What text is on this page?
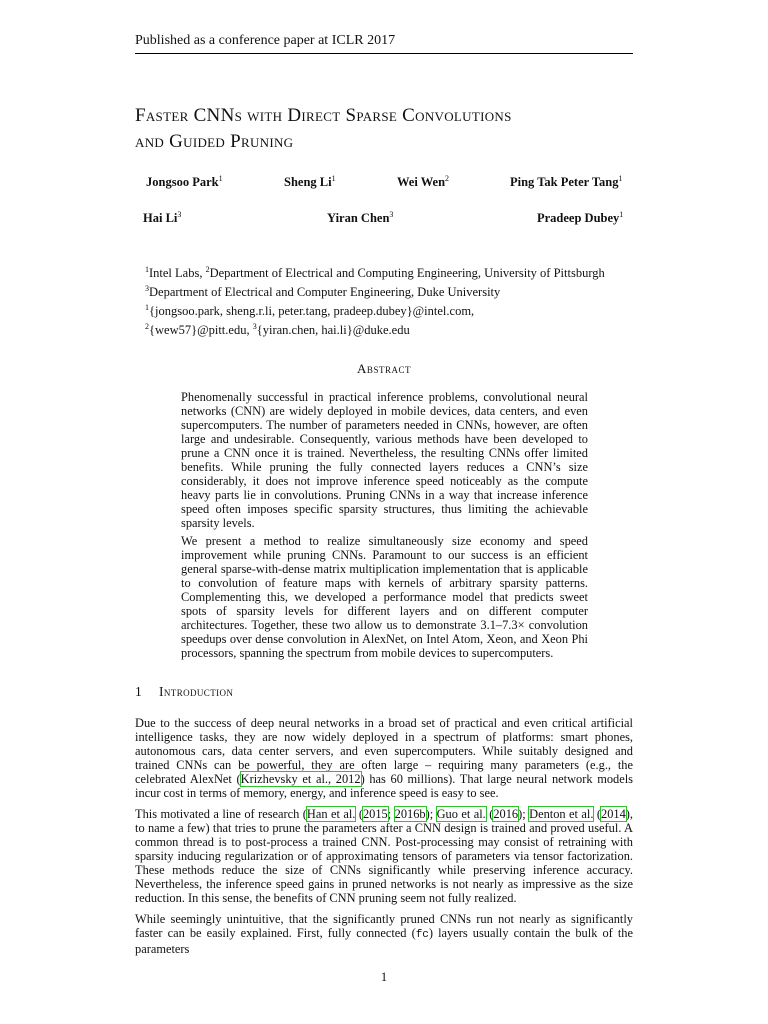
Published as a conference paper at ICLR 2017
Faster CNNs with Direct Sparse Convolutions
and Guided Pruning
Jongsoo Park$^1$	Sheng Li$^1$	Wei Wen$^2$	Ping Tak Peter Tang$^1$
Hai Li$^3$	Yiran Chen$^3$	Pradeep Dubey$^1$
$^1$Intel Labs, $^2$Department of Electrical and Computing Engineering, University of Pittsburgh
$^3$Department of Electrical and Computer Engineering, Duke University
$^1${jongsoo.park, sheng.r.li, peter.tang, pradeep.dubey}@intel.com,
$^2${wew57}@pitt.edu, $^3${yiran.chen, hai.li}@duke.edu
Abstract

Phenomenally successful in practical inference problems, convolutional neural networks (CNN) are widely deployed in mobile devices, data centers, and even supercomputers. The number of parameters needed in CNNs, however, are often large and undesirable. Consequently, various methods have been developed to prune a CNN once it is trained. Nevertheless, the resulting CNNs offer limited benefits. While pruning the fully connected layers reduces a CNN’s size considerably, it does not improve inference speed noticeably as the compute heavy parts lie in convolutions. Pruning CNNs in a way that increase inference speed often imposes specific sparsity structures, thus limiting the achievable sparsity levels.

We present a method to realize simultaneously size economy and speed improvement while pruning CNNs. Paramount to our success is an efficient general sparse-with-dense matrix multiplication implementation that is applicable to convolution of feature maps with kernels of arbitrary sparsity patterns. Complementing this, we developed a performance model that predicts sweet spots of sparsity levels for different layers and on different computer architectures. Together, these two allow us to demonstrate 3.1–7.3× convolution speedups over dense convolution in AlexNet, on Intel Atom, Xeon, and Xeon Phi processors, spanning the spectrum from mobile devices to supercomputers.

1 Introduction

Due to the success of deep neural networks in a broad set of practical and even critical artificial intelligence tasks, they are now widely deployed in a spectrum of platforms: smart phones, autonomous cars, data center servers, and even supercomputers. While suitably designed and trained CNNs can be powerful, they are often large – requiring many parameters (e.g., the celebrated AlexNet (Krizhevsky et al., 2012) has 60 millions). That large neural network models incur cost in terms of memory, energy, and inference speed is easy to see.

This motivated a line of research (Han et al. (2015; 2016b); Guo et al. (2016); Denton et al. (2014), to name a few) that tries to prune the parameters after a CNN design is trained and proved useful. A common thread is to post-process a trained CNN. Post-processing may consist of retraining with sparsity inducing regularization or of approximating tensors of parameters via tensor factorization. These methods reduce the size of CNNs significantly while preserving inference accuracy. Nevertheless, the inference speed gains in pruned networks is not nearly as impressive as the size reduction. In this sense, the benefits of CNN pruning seem not fully realized.

While seemingly unintuitive, that the significantly pruned CNNs run not nearly as significantly faster can be easily explained. First, fully connected (fc) layers usually contain the bulk of the parameters

1
